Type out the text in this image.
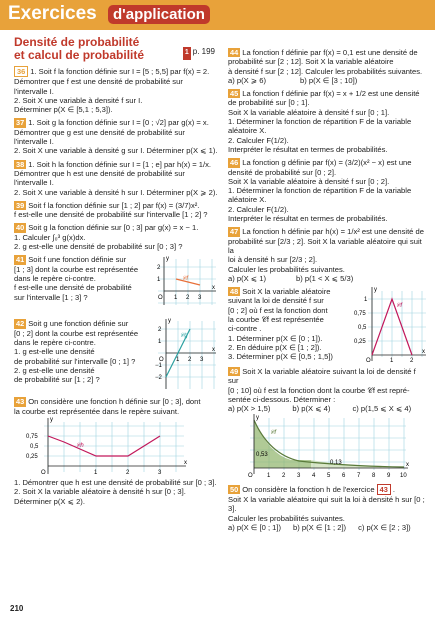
Exercices	d'application
Densité de probabilité
et calcul de probabilité	1 p. 199
36 1. Soit f la fonction définie sur I = [5 ; 5,5] par f(x) = 2.
Démontrer que f est une densité de probabilité sur
l'intervalle I.
2. Soit X une variable à densité f sur I.
Déterminer p(X ∈ [5,1 ; 5,3]).
37 1. Soit g la fonction définie sur I = [0 ; √2] par g(x) = x.
Démontrer que g est une densité de probabilité sur
l'intervalle I.
2. Soit X une variable à densité g sur I. Déterminer p(X ⩽ 1).
38 1. Soit h la fonction définie sur I = [1 ; e] par h(x) = 1/x.
Démontrer que h est une densité de probabilité sur
l'intervalle I.
2. Soit X une variable à densité h sur I. Déterminer p(X ⩾ 2).
39 Soit f la fonction définie sur [1 ; 2] par f(x) = (3/7)x².
f est-elle une densité de probabilité sur l'intervalle [1 ; 2] ?
40 Soit g la fonction définie sur [0 ; 3] par g(x) = x − 1.
1. Calculer ∫₀³ g(x)dx.
2. g est-elle une densité de probabilité sur [0 ; 3] ?
41 Soit f une fonction définie sur
[1 ; 3] dont la courbe est représentée
dans le repère ci-contre.
f est-elle une densité de probabilité
sur l'intervalle [1 ; 3] ?
𝒞f
y
x
O 1 2 3
2
1
42 Soit g une fonction définie sur
[0 ; 2] dont la courbe est représentée
dans le repère ci-contre.
1. g est-elle une densité
de probabilité sur l'intervalle [0 ; 1] ?
2. g est-elle une densité
de probabilité sur [1 ; 2] ?
𝒞g
y
x
O 1 2 3
2
1
−1
−2
43 On considère une fonction h définie sur [0 ; 3], dont
la courbe est représentée dans le repère suivant.
𝒞h
y
x
O	1	2	3
0,75
0,5
0,25
1. Démontrer que h est une densité de probabilité sur [0 ; 3].
2. Soit X la variable aléatoire à densité h sur [0 ; 3].
Déterminer p(X ⩽ 2).
44 La fonction f définie par f(x) = 0,1 est une densité de
probabilité sur [2 ; 12]. Soit X la variable aléatoire
à densité f sur [2 ; 12]. Calculer les probabilités suivantes.
a) p(X ⩾ 6)	b) p(X ∈ [3 ; 10])
45 La fonction f définie par f(x) = x + 1/2 est une densité
de probabilité sur [0 ; 1].
Soit X la variable aléatoire à densité f sur [0 ; 1].
1. Déterminer la fonction de répartition F de la variable
aléatoire X.
2. Calculer F(1/2).
Interpréter le résultat en termes de probabilités.
46 La fonction g définie par f(x) = (3/2)(x² − x) est une
densité de probabilité sur [0 ; 2].
Soit X la variable aléatoire à densité f sur [0 ; 2].
1. Déterminer la fonction de répartition F de la variable
aléatoire X.
2. Calculer F(1/2).
Interpréter le résultat en termes de probabilités.
47 La fonction h définie par h(x) = 1/x² est une densité de
probabilité sur [2/3 ; 2]. Soit X la variable aléatoire qui suit la
loi à densité h sur [2/3 ; 2].
Calculer les probabilités suivantes.
a) p(X ⩽ 1)	b) p(1 < X ⩽ 5/3)
48 Soit X la variable aléatoire
suivant la loi de densité f sur
[0 ; 2] où f est la fonction dont
la courbe 𝒞f est représentée
ci-contre .
1. Déterminer p(X ∈ [0 ; 1]).
2. En déduire p(X ∈ [1 ; 2]).
3. Déterminer p(X ∈ [0,5 ; 1,5])
𝒞f
y
x
O	1	2
1
0,75
0,5
0,25
49 Soit X la variable aléatoire suivant la loi de densité f sur
[0 ; 10] où f est la fonction dont la courbe 𝒞f est repré-
sentée ci-dessous. Déterminer :
a) p(X > 1,5)	b) p(X ⩽ 4)	c) p(1,5 ⩽ X ⩽ 4)
𝒞f
y
x
0,53
0,13
O 1 2 3 4 5 6 7 8 9 10
50 On considère la fonction h de l'exercice 43 .
Soit X la variable aléatoire qui suit la loi à densité h sur [0 ; 3].
Calculer les probabilités suivantes.
a) p(X ∈ [0 ; 1]) b) p(X ∈ [1 ; 2]) c) p(X ∈ [2 ; 3])
210
